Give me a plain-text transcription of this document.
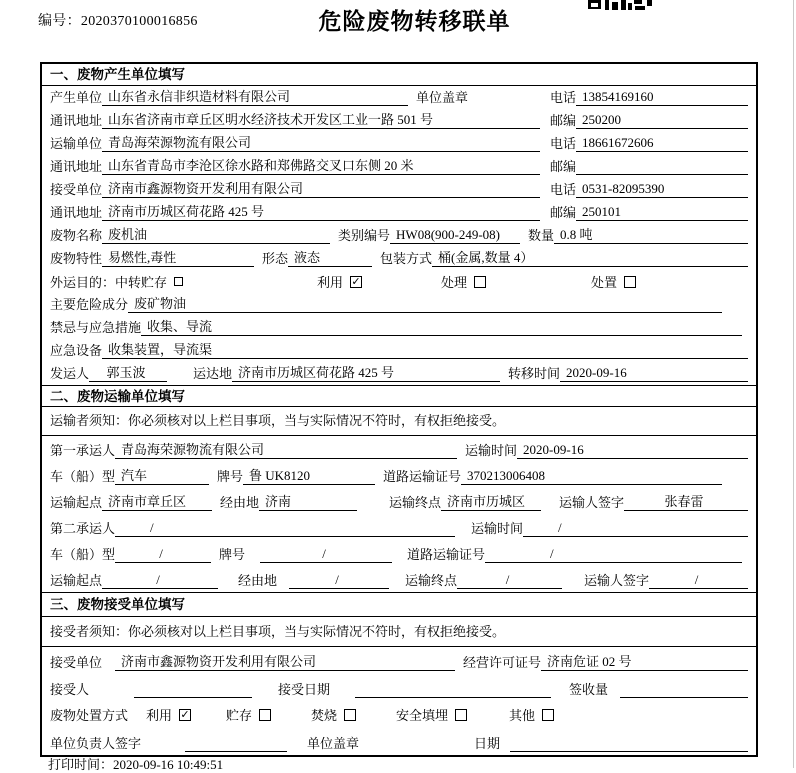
编号：2020370100016856	危险废物转移联单
一、废物产生单位填写
产生单位 山东省永信非织造材料有限公司	单位盖章	电话 13854169160
通讯地址 山东省济南市章丘区明水经济技术开发区工业一路 501 号	邮编 250200
运输单位 青岛海荣源物流有限公司	电话 18661672606
通讯地址 山东省青岛市李沧区徐水路和郑佛路交叉口东侧 20 米	邮编
接受单位 济南市鑫源物资开发利用有限公司	电话 0531-82095390
通讯地址 济南市历城区荷花路 425 号	邮编 250101
废物名称 废机油	类别编号 HW08(900-249-08)	数量 0.8 吨
废物特性 易燃性,毒性	形态 液态	包装方式 桶(金属,数量 4）
外运目的： 中转贮存	利用 ✓	处理	处置
主要危险成分 废矿物油
禁忌与应急措施 收集、导流
应急设备 收集装置，导流渠
发运人	郭玉波	运达地 济南市历城区荷花路 425 号	转移时间 2020-09-16
二、废物运输单位填写
运输者须知：你必须核对以上栏目事项，当与实际情况不符时，有权拒绝接受。
第一承运人 青岛海荣源物流有限公司	运输时间 2020-09-16
车（船）型 汽车	牌号 鲁 UK8120	道路运输证号 370213006408
运输起点 济南市章丘区	经由地 济南	运输终点 济南市历城区	运输人签字	张春雷
第二承运人	/	运输时间	/
车（船）型	/	牌号	/	道路运输证号	/
运输起点	/	经由地	/	运输终点	/	运输人签字	/
三、废物接受单位填写
接受者须知：你必须核对以上栏目事项，当与实际情况不符时，有权拒绝接受。
接受单位	济南市鑫源物资开发利用有限公司	经营许可证号 济南危证 02 号
接受人	接受日期	签收量
废物处置方式 利用 ✓	贮存	焚烧	安全填埋	其他
单位负责人签字	单位盖章	日期
打印时间：2020-09-16 10:49:51
